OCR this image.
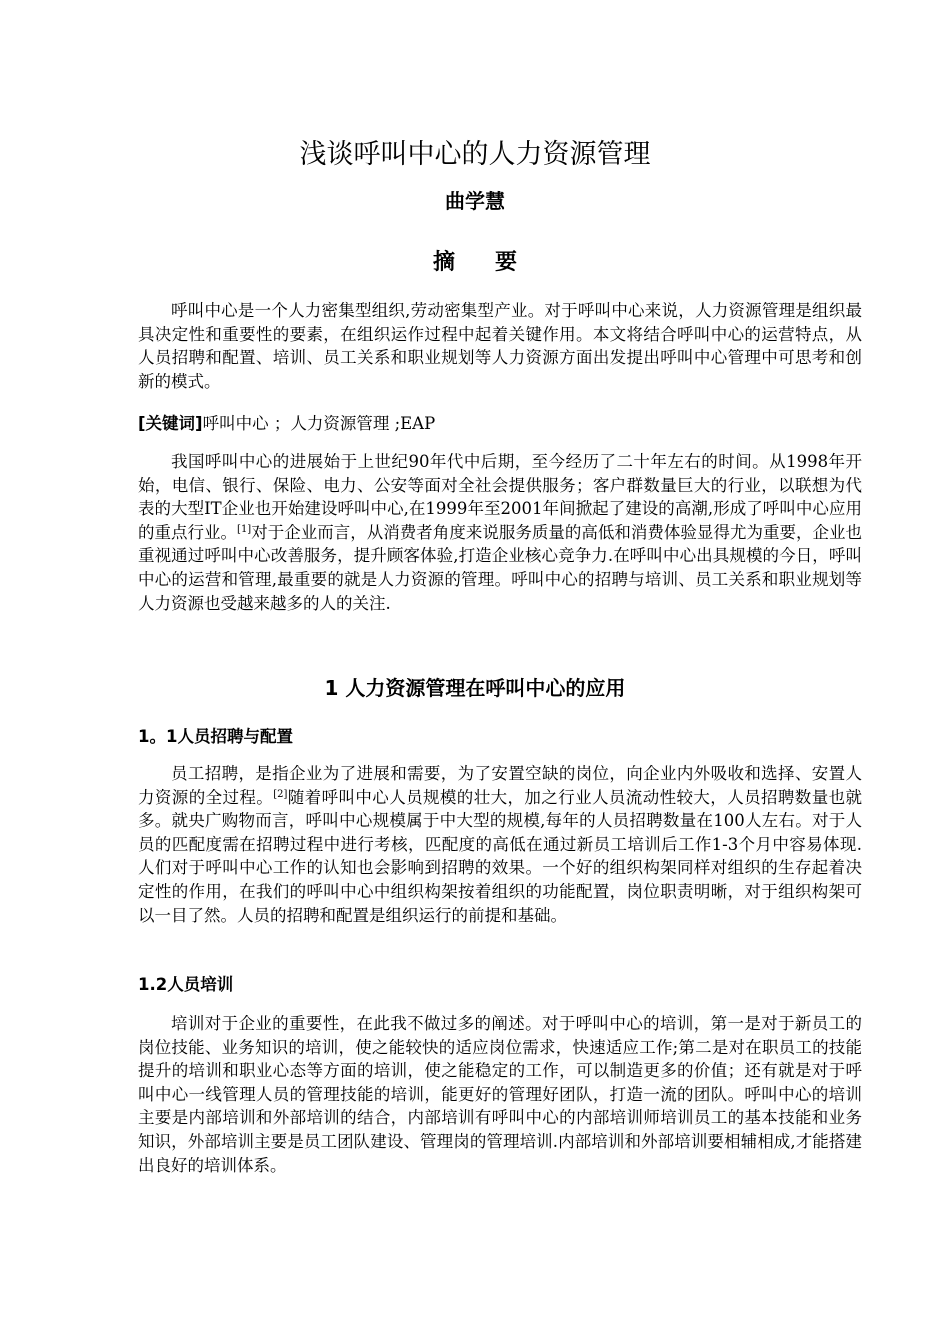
浅谈呼叫中心的人力资源管理
曲学慧
摘要

呼叫中心是一个人力密集型组织,劳动密集型产业。对于呼叫中心来说，人力资源管理是组织最具决定性和重要性的要素，在组织运作过程中起着关键作用。本文将结合呼叫中心的运营特点，从人员招聘和配置、培训、员工关系和职业规划等人力资源方面出发提出呼叫中心管理中可思考和创新的模式。

[关键词]呼叫中心 ；人力资源管理 ;EAP

我国呼叫中心的进展始于上世纪90年代中后期，至今经历了二十年左右的时间。从1998年开始，电信、银行、保险、电力、公安等面对全社会提供服务；客户群数量巨大的行业，以联想为代表的大型IT企业也开始建设呼叫中心,在1999年至2001年间掀起了建设的高潮,形成了呼叫中心应用的重点行业。[1]对于企业而言，从消费者角度来说服务质量的高低和消费体验显得尤为重要，企业也重视通过呼叫中心改善服务，提升顾客体验,打造企业核心竞争力.在呼叫中心出具规模的今日，呼叫中心的运营和管理,最重要的就是人力资源的管理。呼叫中心的招聘与培训、员工关系和职业规划等人力资源也受越来越多的人的关注.

1 人力资源管理在呼叫中心的应用
1。1人员招聘与配置

员工招聘，是指企业为了进展和需要，为了安置空缺的岗位，向企业内外吸收和选择、安置人力资源的全过程。[2]随着呼叫中心人员规模的壮大，加之行业人员流动性较大，人员招聘数量也就多。就央广购物而言，呼叫中心规模属于中大型的规模,每年的人员招聘数量在100人左右。对于人员的匹配度需在招聘过程中进行考核，匹配度的高低在通过新员工培训后工作1-3个月中容易体现.人们对于呼叫中心工作的认知也会影响到招聘的效果。一个好的组织构架同样对组织的生存起着决定性的作用，在我们的呼叫中心中组织构架按着组织的功能配置，岗位职责明晰，对于组织构架可以一目了然。人员的招聘和配置是组织运行的前提和基础。

1.2人员培训

培训对于企业的重要性，在此我不做过多的阐述。对于呼叫中心的培训，第一是对于新员工的岗位技能、业务知识的培训，使之能较快的适应岗位需求，快速适应工作;第二是对在职员工的技能提升的培训和职业心态等方面的培训，使之能稳定的工作，可以制造更多的价值；还有就是对于呼叫中心一线管理人员的管理技能的培训，能更好的管理好团队，打造一流的团队。呼叫中心的培训主要是内部培训和外部培训的结合，内部培训有呼叫中心的内部培训师培训员工的基本技能和业务知识，外部培训主要是员工团队建设、管理岗的管理培训.内部培训和外部培训要相辅相成,才能搭建出良好的培训体系。
